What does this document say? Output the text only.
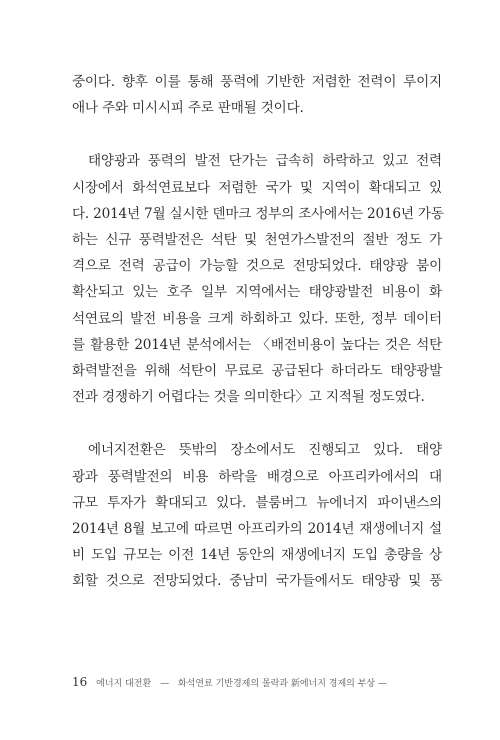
중이다. 향후 이를 통해 풍력에 기반한 저렴한 전력이 루이지
애나 주와 미시시피 주로 판매될 것이다.
태양광과 풍력의 발전 단가는 급속히 하락하고 있고 전력
시장에서 화석연료보다 저렴한 국가 및 지역이 확대되고 있
다. 2014년 7월 실시한 덴마크 정부의 조사에서는 2016년 가동
하는 신규 풍력발전은 석탄 및 천연가스발전의 절반 정도 가
격으로 전력 공급이 가능할 것으로 전망되었다. 태양광 붐이
확산되고 있는 호주 일부 지역에서는 태양광발전 비용이 화
석연료의 발전 비용을 크게 하회하고 있다. 또한, 정부 데이터
를 활용한 2014년 분석에서는 〈배전비용이 높다는 것은 석탄
화력발전을 위해 석탄이 무료로 공급된다 하더라도 태양광발
전과 경쟁하기 어렵다는 것을 의미한다〉고 지적될 정도였다.
에너지전환은 뜻밖의 장소에서도 진행되고 있다. 태양
광과 풍력발전의 비용 하락을 배경으로 아프리카에서의 대
규모 투자가 확대되고 있다. 블룸버그 뉴에너지 파이낸스의
2014년 8월 보고에 따르면 아프리카의 2014년 재생에너지 설
비 도입 규모는 이전 14년 동안의 재생에너지 도입 총량을 상
회할 것으로 전망되었다. 중남미 국가들에서도 태양광 및 풍
16 에너지 대전환 — 화석연료 기반경제의 몰락과 新에너지 경제의 부상 —
